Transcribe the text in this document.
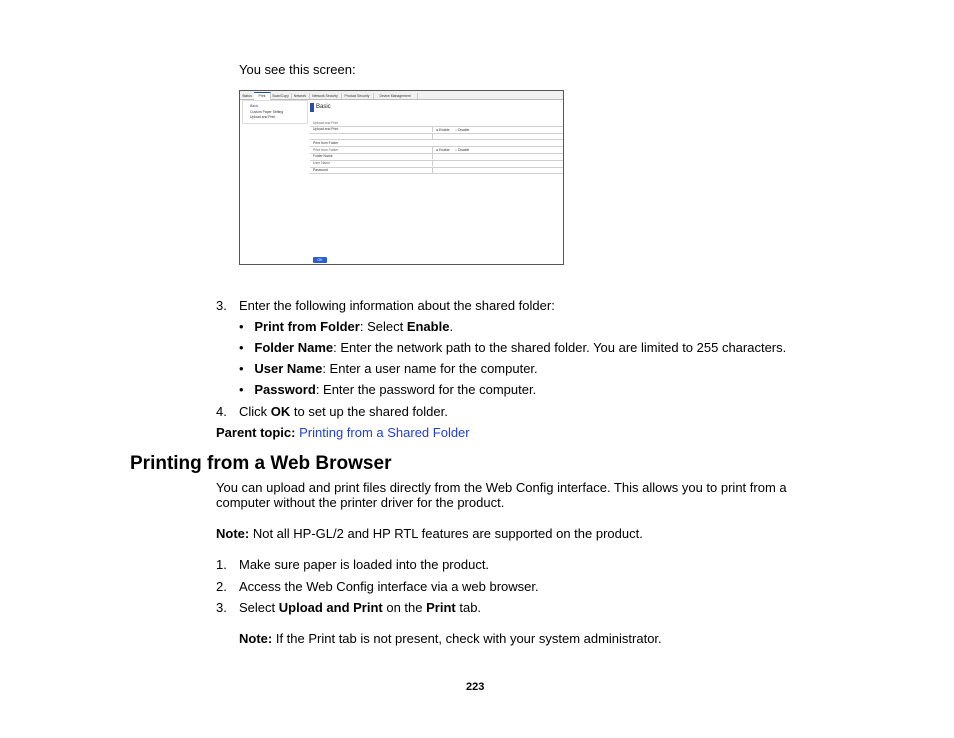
You see this screen:
Status	Print	Scan/Copy	Network	Network Security	Product Security	Device Management
Basic
Custom Paper Setting
Upload and Print
Basic
Upload and Print
Upload and Print	● Enable ○ Disable
Print from Folder
Print from Folder	● Enable ○ Disable
Folder Name
User Name
Password
OK
3. Enter the following information about the shared folder:
•   Print from Folder: Select Enable.
•   Folder Name: Enter the network path to the shared folder. You are limited to 255 characters.
•   User Name: Enter a user name for the computer.
•   Password: Enter the password for the computer.
4. Click OK to set up the shared folder.
Parent topic: Printing from a Shared Folder
Printing from a Web Browser
You can upload and print files directly from the Web Config interface. This allows you to print from a
computer without the printer driver for the product.
Note: Not all HP-GL/2 and HP RTL features are supported on the product.
1. Make sure paper is loaded into the product.
2. Access the Web Config interface via a web browser.
3. Select Upload and Print on the Print tab.
Note: If the Print tab is not present, check with your system administrator.
223
